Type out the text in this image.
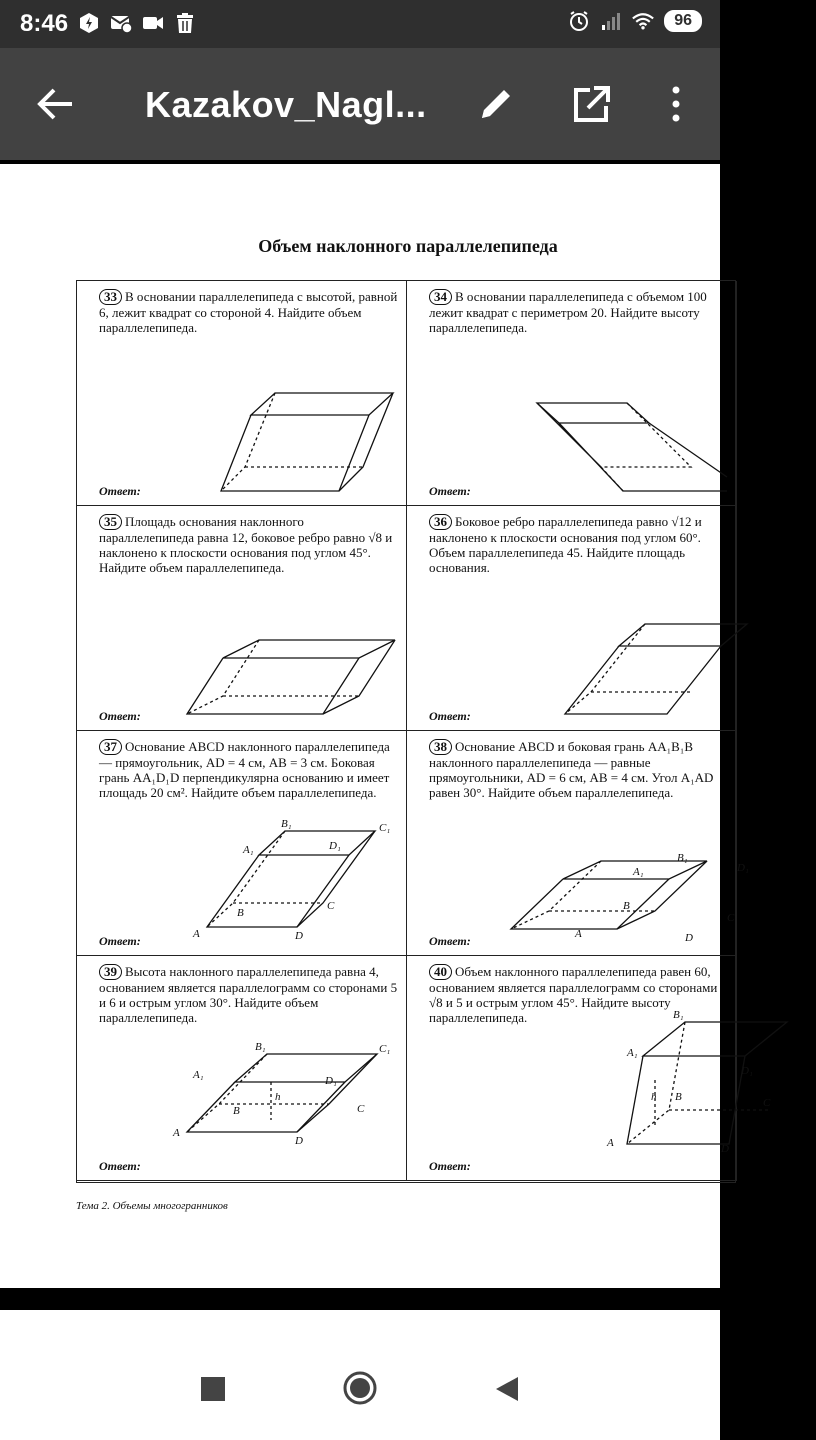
8:46	96
Kazakov_Nagl...
Объем наклонного параллелепипеда
33 В основании параллелепипеда с высотой, равной 6, лежит квадрат со стороной 4. Найдите объем параллелепипеда.
Ответ:
34 В основании параллелепипеда с объемом 100 лежит квадрат с периметром 20. Найдите высоту параллелепипеда.
Ответ:
35 Площадь основания наклонного параллелепипеда равна 12, боковое ребро равно √8 и наклонено к плоскости основания под углом 45°. Найдите объем параллелепипеда.
Ответ:
36 Боковое ребро параллелепипеда равно √12 и наклонено к плоскости основания под углом 60°. Объем параллелепипеда 45. Найдите площадь основания.
Ответ:
37 Основание ABCD наклонного параллелепипеда — прямоугольник, AD = 4 см, AB = 3 см. Боковая грань AA₁D₁D перпендикулярна основанию и имеет площадь 20 см². Найдите объем параллелепипеда.
B₁	C₁
A₁	D₁
B
C
A	D
Ответ:
38 Основание ABCD и боковая грань AA₁B₁B наклонного параллелепипеда — равные прямоугольники, AD = 6 см, AB = 4 см. Угол A₁AD равен 30°. Найдите объем параллелепипеда.
B₁
A₁	D₁
B
C
A	D
Ответ:
39 Высота наклонного параллелепипеда равна 4, основанием является параллелограмм со сторонами 5 и 6 и острым углом 30°. Найдите объем параллелепипеда.
B₁	C₁
A₁	D₁
h
B	C
A
D
Ответ:
40 Объем наклонного параллелепипеда равен 60, основанием является параллелограмм со сторонами √8 и 5 и острым углом 45°. Найдите высоту параллелепипеда.	B₁
A₁
D₁
h B	C
A	D
Ответ:
Тема 2. Объемы многогранников
